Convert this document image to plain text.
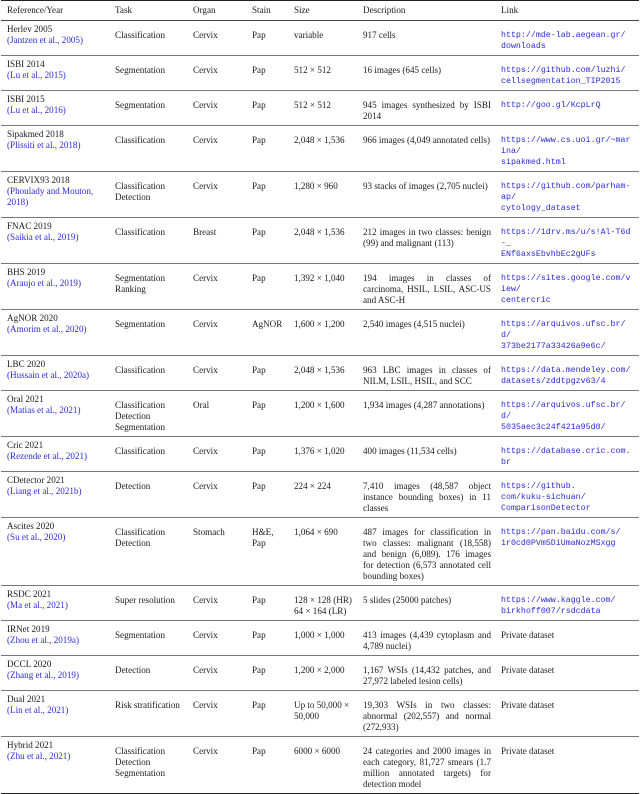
Reference/Year	Task	Organ	Stain	Size	Description	Link

Herlev 2005
(Jantzen et al., 2005)	Classification	Cervix	Pap	variable	917 cells	http://mde-lab.aegean.gr/
downloads

ISBI 2014
(Lu et al., 2015)	Segmentation	Cervix	Pap	512 × 512	16 images (645 cells)	https://github.com/luzhi/
cellsegmentation_TIP2015

ISBI 2015
(Lu et al., 2016)	Segmentation	Cervix	Pap	512 × 512	945 images synthesized by ISBI 2014	http://goo.gl/KcpLrQ

Sipakmed 2018
(Plissiti et al., 2018)	Classification	Cervix	Pap	2,048 × 1,536	966 images (4,049 annotated cells)	https://www.cs.uoi.gr/~marina/
sipakmed.html

CERVIX93 2018
(Phoulady and Mouton, 2018)	Classification
Detection	Cervix	Pap	1,280 × 960	93 stacks of images (2,705 nuclei)	https://github.com/parham-ap/
cytology_dataset

FNAC 2019
(Saikia et al., 2019)	Classification	Breast	Pap	2,048 × 1,536	212 images in two classes: benign (99) and malignant (113)	https://1drv.ms/u/s!Al-T6d-_
ENf6axsEbvhbEc2gUFs

BHS 2019
(Araujo et al., 2019)	Segmentation
Ranking	Cervix	Pap	1,392 × 1,040	194 images in classes of carcinoma, HSIL, LSIL, ASC-US and ASC-H	https://sites.google.com/view/
centercric

AgNOR 2020
(Amorim et al., 2020)	Segmentation	Cervix	AgNOR	1,600 × 1,200	2,540 images (4,515 nuclei)	https://arquivos.ufsc.br/d/
373be2177a33426a9e6c/

LBC 2020
(Hussain et al., 2020a)	Classification	Cervix	Pap	2,048 × 1,536	963 LBC images in classes of NILM, LSIL, HSIL, and SCC	https://data.mendeley.com/
datasets/zddtpgzv63/4

Oral 2021
(Matias et al., 2021)	Classification
Detection
Segmentation	Oral	Pap	1,200 × 1,600	1,934 images (4,287 annotations)	https://arquivos.ufsc.br/d/
5035aec3c24f421a95d0/

Cric 2021
(Rezende et al., 2021)	Classification	Cervix	Pap	1,376 × 1,020	400 images (11,534 cells)	https://database.cric.com.br

CDetector 2021
(Liang et al., 2021b)	Detection	Cervix	Pap	224 × 224	7,410 images (48,587 object instance bounding boxes) in 11 classes	https://github.
com/kuku-sichuan/
ComparisonDetector

Ascites 2020
(Su et al., 2020)	Classification
Detection	Stomach	H&E, Pap	1,064 × 690	487 images for classification in two classes: malignant (18,558) and benign (6,089). 176 images for detection (6,573 annotated cell bounding boxes)	https://pan.baidu.com/s/
1r0cd0PVm5DiUmaNozMSxgg

RSDC 2021
(Ma et al., 2021)	Super resolution	Cervix	Pap	128 × 128 (HR) 64 × 164 (LR)	5 slides (25000 patches)	https://www.kaggle.com/
birkhoff007/rsdcdata

IRNet 2019
(Zhou et al., 2019a)	Segmentation	Cervix	Pap	1,000 × 1,000	413 images (4,439 cytoplasm and 4,789 nuclei)	Private dataset

DCCL 2020
(Zhang et al., 2019)	Detection	Cervix	Pap	1,200 × 2,000	1,167 WSIs (14,432 patches, and 27,972 labeled lesion cells)	Private dataset

Dual 2021
(Lin et al., 2021)	Risk stratification	Cervix	Pap	Up to 50,000 × 50,000	19,303 WSIs in two classes: abnormal (202,557) and normal (272,933)	Private dataset

Hybrid 2021
(Zhu et al., 2021)	Classification
Detection
Segmentation	Cervix	Pap	6000 × 6000	24 categories and 2000 images in each category, 81,727 smears (1.7 million annotated targets) for detection model	Private dataset
